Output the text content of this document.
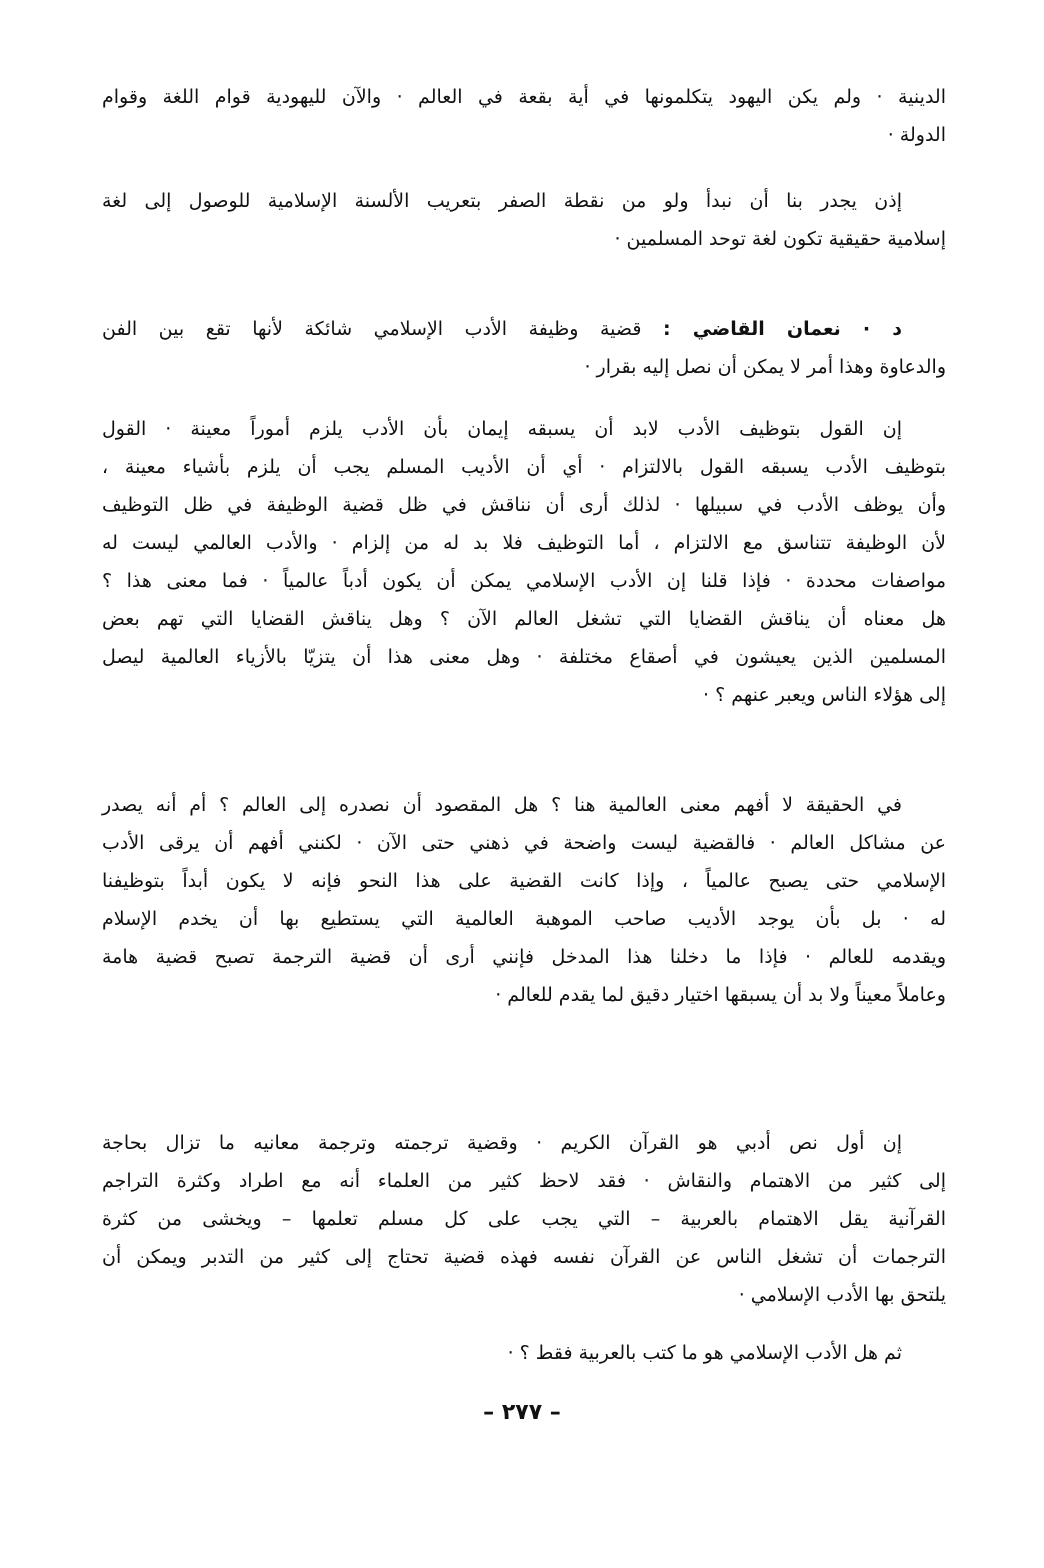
الدينية · ولم يكن اليهود يتكلمونها في أية بقعة في العالم · والآن لليهودية قوام اللغة وقوام
الدولة ·
إذن يجدر بنا أن نبدأ ولو من نقطة الصفر بتعريب الألسنة الإسلامية للوصول إلى لغة
إسلامية حقيقية تكون لغة توحد المسلمين ·
د · نعمان القاضي : قضية وظيفة الأدب الإسلامي شائكة لأنها تقع بين الفن
والدعاوة وهذا أمر لا يمكن أن نصل إليه بقرار ·
إن القول بتوظيف الأدب لابد أن يسبقه إيمان بأن الأدب يلزم أموراً معينة · القول
بتوظيف الأدب يسبقه القول بالالتزام · أي أن الأديب المسلم يجب أن يلزم بأشياء معينة ،
وأن يوظف الأدب في سبيلها · لذلك أرى أن نناقش في ظل قضية الوظيفة في ظل التوظيف
لأن الوظيفة تتناسق مع الالتزام ، أما التوظيف فلا بد له من إلزام · والأدب العالمي ليست له
مواصفات محددة · فإذا قلنا إن الأدب الإسلامي يمكن أن يكون أدباً عالمياً · فما معنى هذا ؟
هل معناه أن يناقش القضايا التي تشغل العالم الآن ؟ وهل يناقش القضايا التي تهم بعض
المسلمين الذين يعيشون في أصقاع مختلفة · وهل معنى هذا أن يتزيّا بالأزياء العالمية ليصل
إلى هؤلاء الناس ويعبر عنهم ؟ ·
في الحقيقة لا أفهم معنى العالمية هنا ؟ هل المقصود أن نصدره إلى العالم ؟ أم أنه يصدر
عن مشاكل العالم · فالقضية ليست واضحة في ذهني حتى الآن · لكنني أفهم أن يرقى الأدب
الإسلامي حتى يصبح عالمياً ، وإذا كانت القضية على هذا النحو فإنه لا يكون أبداً بتوظيفنا
له · بل بأن يوجد الأديب صاحب الموهبة العالمية التي يستطيع بها أن يخدم الإسلام
ويقدمه للعالم · فإذا ما دخلنا هذا المدخل فإنني أرى أن قضية الترجمة تصبح قضية هامة
وعاملاً معيناً ولا بد أن يسبقها اختيار دقيق لما يقدم للعالم ·
إن أول نص أدبي هو القرآن الكريم · وقضية ترجمته وترجمة معانيه ما تزال بحاجة
إلى كثير من الاهتمام والنقاش · فقد لاحظ كثير من العلماء أنه مع اطراد وكثرة التراجم
القرآنية يقل الاهتمام بالعربية – التي يجب على كل مسلم تعلمها – ويخشى من كثرة
الترجمات أن تشغل الناس عن القرآن نفسه فهذه قضية تحتاج إلى كثير من التدبر ويمكن أن
يلتحق بها الأدب الإسلامي ·
ثم هل الأدب الإسلامي هو ما كتب بالعربية فقط ؟ ·
– ٢٧٧ –
